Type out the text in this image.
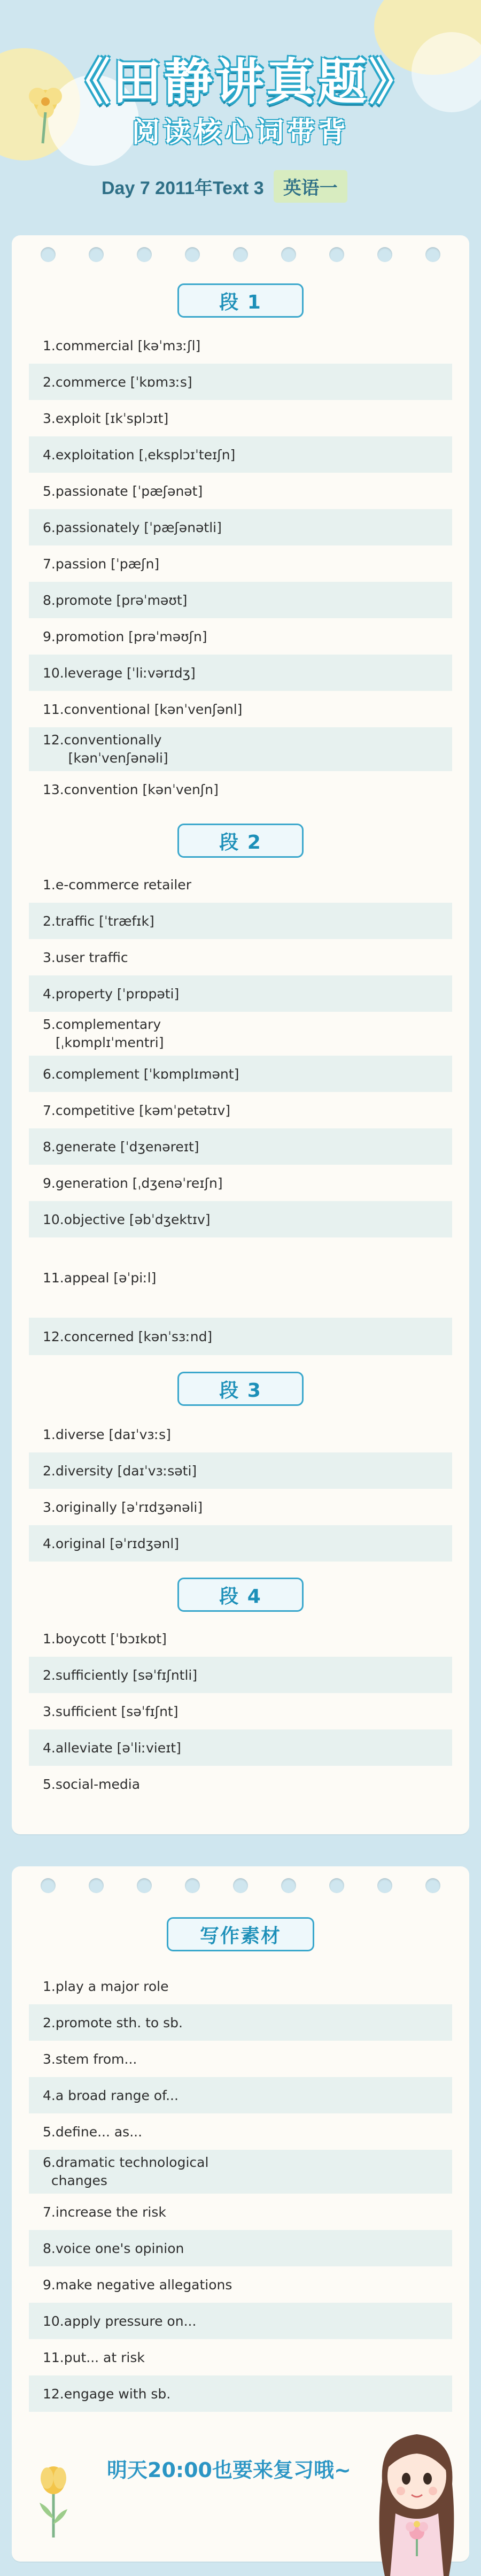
《田静讲真题》
阅读核心词带背
Day 7 2011年Text 3	英语一
段 1
1.commercial [kəˈmɜːʃl]
2.commerce [ˈkɒmɜːs]
3.exploit [ɪkˈsplɔɪt]
4.exploitation [ˌeksplɔɪˈteɪʃn]
5.passionate [ˈpæʃənət]
6.passionately [ˈpæʃənətli]
7.passion [ˈpæʃn]
8.promote [prəˈməʊt]
9.promotion [prəˈməʊʃn]
10.leverage [ˈliːvərɪdʒ]
11.conventional [kənˈvenʃənl]
12.conventionally
[kənˈvenʃənəli]
13.convention [kənˈvenʃn]
段 2
1.e-commerce retailer
2.traffic [ˈtræfɪk]
3.user traffic
4.property [ˈprɒpəti]
5.complementary
[ˌkɒmplɪˈmentri]
6.complement [ˈkɒmplɪmənt]
7.competitive [kəmˈpetətɪv]
8.generate [ˈdʒenəreɪt]
9.generation [ˌdʒenəˈreɪʃn]
10.objective [əbˈdʒektɪv]
11.appeal [əˈpiːl]
12.concerned [kənˈsɜːnd]
段 3
1.diverse [daɪˈvɜːs]
2.diversity [daɪˈvɜːsəti]
3.originally [əˈrɪdʒənəli]
4.original [əˈrɪdʒənl]
段 4
1.boycott [ˈbɔɪkɒt]
2.sufficiently [səˈfɪʃntli]
3.sufficient [səˈfɪʃnt]
4.alleviate [əˈliːvieɪt]
5.social-media
写作素材
1.play a major role
2.promote sth. to sb.
3.stem from...
4.a broad range of...
5.define... as...
6.dramatic technological
changes
7.increase the risk
8.voice one's opinion
9.make negative allegations
10.apply pressure on...
11.put... at risk
12.engage with sb.
明天20:00也要来复习哦~
